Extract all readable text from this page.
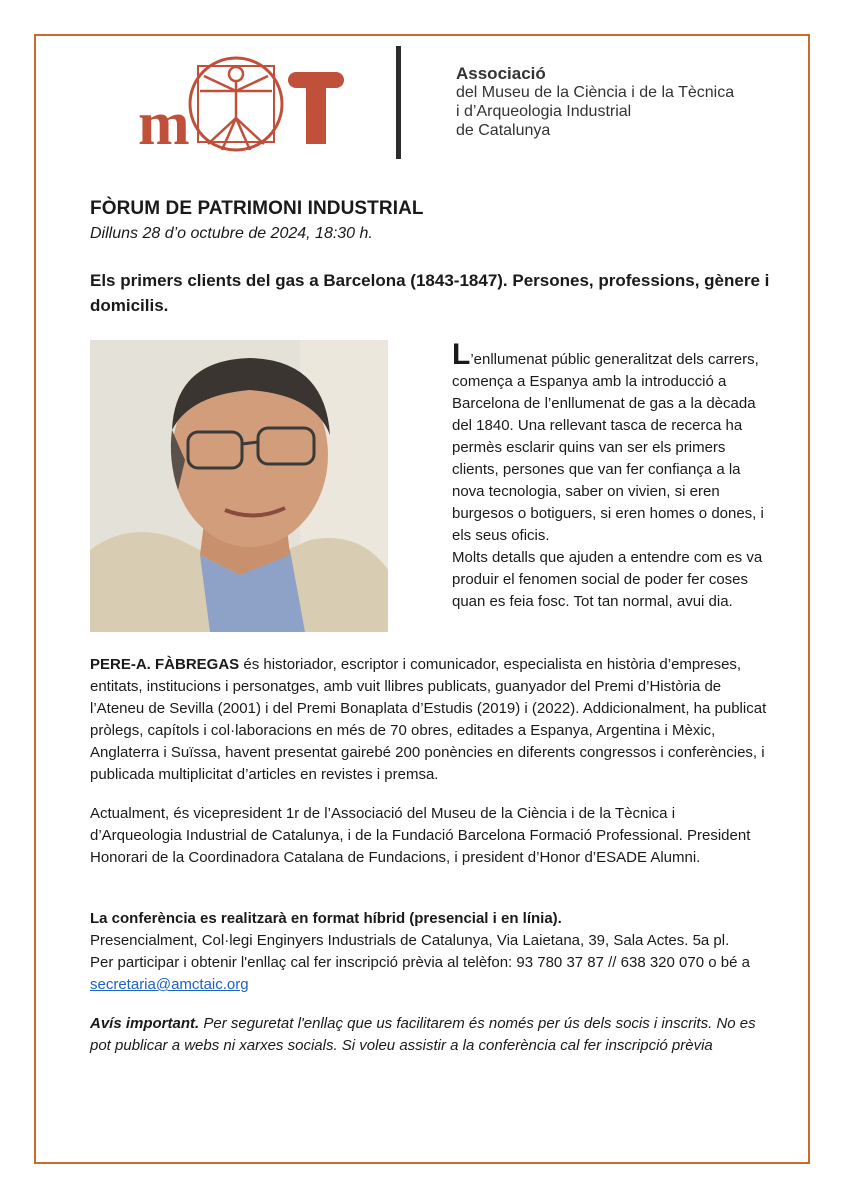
m
Associació
del Museu de la Ciència i de la Tècnica
i d’Arqueologia Industrial
de Catalunya
FÒRUM DE PATRIMONI INDUSTRIAL
Dilluns 28 d’o octubre de 2024, 18:30 h.
Els primers clients del gas a Barcelona (1843-1847). Persones, professions, gènere i domicilis.
L’enllumenat públic generalitzat dels carrers, comença a Espanya amb la introducció a Barcelona de l’enllumenat de gas a la dècada del 1840. Una rellevant tasca de recerca ha permès esclarir quins van ser els primers clients, persones que van fer confiança a la nova tecnologia, saber on vivien, si eren burgesos o botiguers, si eren homes o dones, i els seus oficis.
Molts detalls que ajuden a entendre com es va produir el fenomen social de poder fer coses quan es feia fosc. Tot tan normal, avui dia.
PERE-A. FÀBREGAS és historiador, escriptor i comunicador, especialista en història d’empreses, entitats, institucions i personatges, amb vuit llibres publicats, guanyador del Premi d’Història de l’Ateneu de Sevilla (2001) i del Premi Bonaplata d’Estudis (2019) i (2022). Addicionalment, ha publicat pròlegs, capítols i col·laboracions en més de 70 obres, editades a Espanya, Argentina i Mèxic, Anglaterra i Suïssa, havent presentat gairebé 200 ponències en diferents congressos i conferències, i publicada multiplicitat d’articles en revistes i premsa.
Actualment, és vicepresident 1r de l’Associació del Museu de la Ciència i de la Tècnica i d’Arqueologia Industrial de Catalunya, i de la Fundació Barcelona Formació Professional. President Honorari de la Coordinadora Catalana de Fundacions, i president d’Honor d’ESADE Alumni.
La conferència es realitzarà en format híbrid (presencial i en línia).
Presencialment, Col·legi Enginyers Industrials de Catalunya, Via Laietana, 39, Sala Actes. 5a pl.
Per participar i obtenir l'enllaç cal fer inscripció prèvia al telèfon: 93 780 37 87 // 638 320 070 o bé a secretaria@amctaic.org
Avís important. Per seguretat l'enllaç que us facilitarem és només per ús dels socis i inscrits. No es pot publicar a webs ni xarxes socials. Si voleu assistir a la conferència cal fer inscripció prèvia
